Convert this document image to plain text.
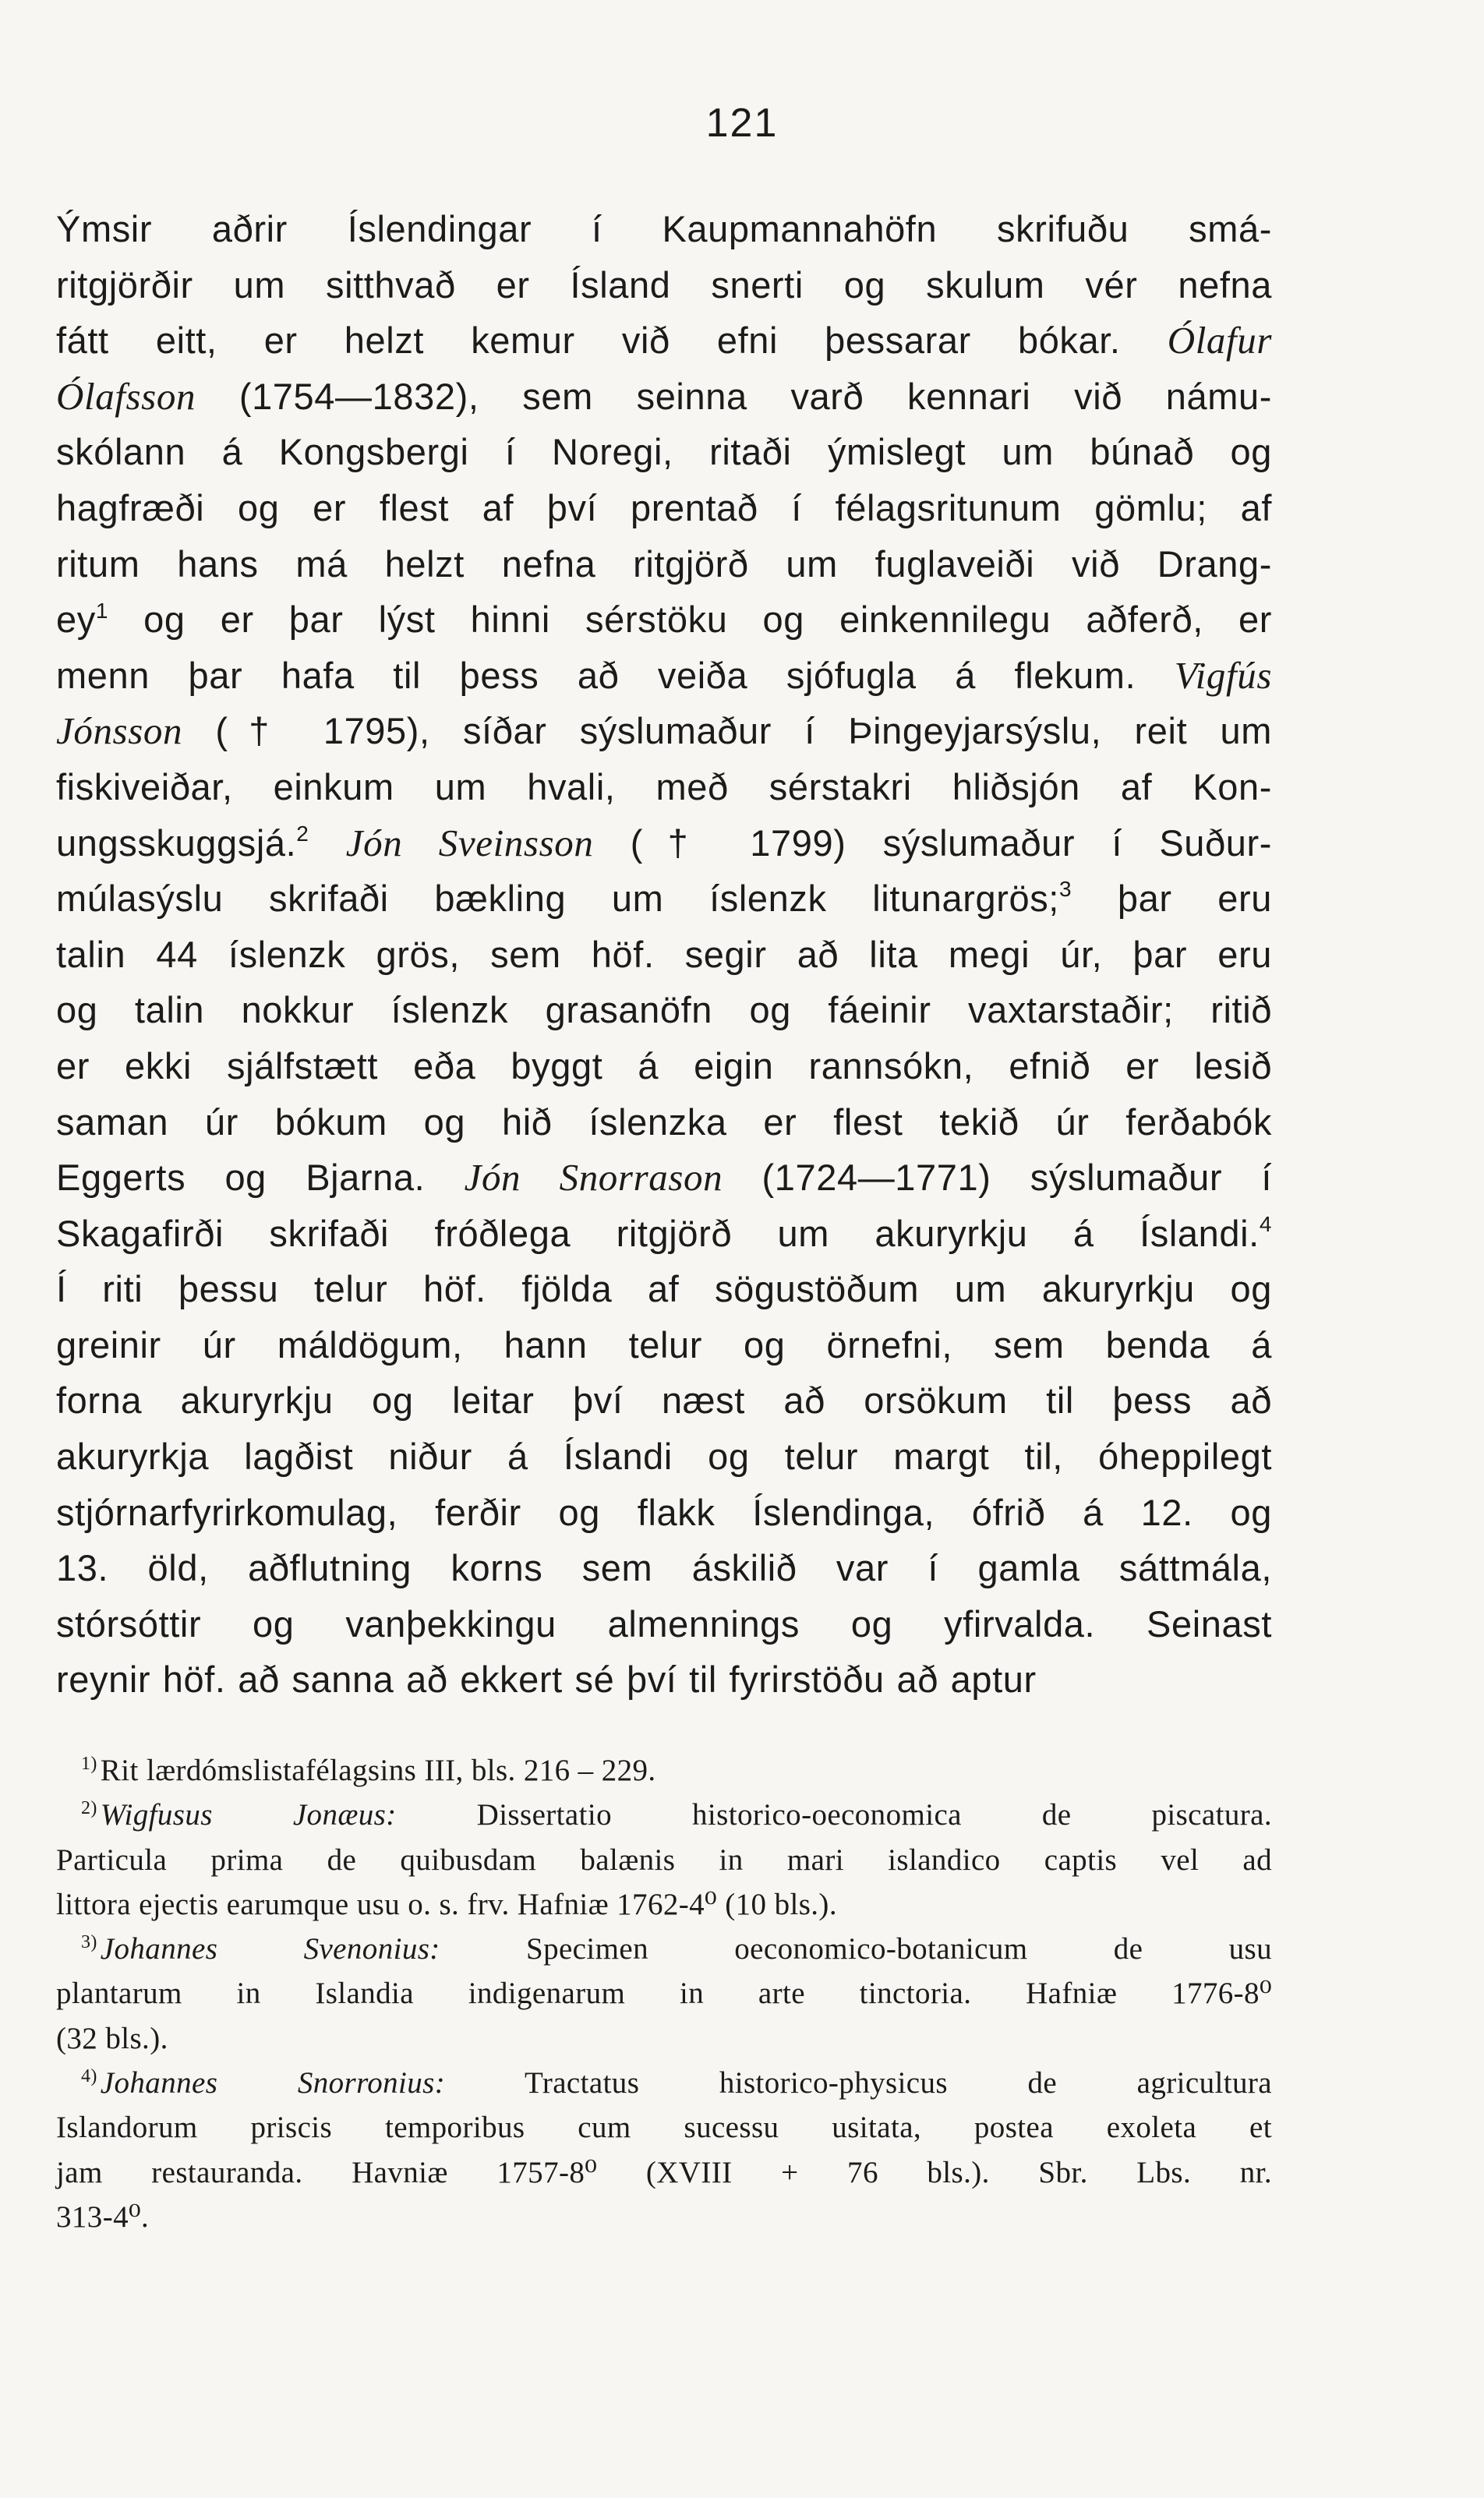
121
Ýmsir aðrir Íslendingar í Kaupmannahöfn skrifuðu smá-
ritgjörðir um sitthvað er Ísland snerti og skulum vér nefna
fátt eitt, er helzt kemur við efni þessarar bókar. Ólafur
Ólafsson (1754—1832), sem seinna varð kennari við námu-
skólann á Kongsbergi í Noregi, ritaði ýmislegt um búnað og
hagfræði og er flest af því prentað í félagsritunum gömlu; af
ritum hans má helzt nefna ritgjörð um fuglaveiði við Drang-
$ey^1$ og er þar lýst hinni sérstöku og einkennilegu aðferð, er
menn þar hafa til þess að veiða sjófugla á flekum. Vigfús
Jónsson († 1795), síðar sýslumaður í Þingeyjarsýslu, reit um
fiskiveiðar, einkum um hvali, með sérstakri hliðsjón af Kon-
ungsskuggsjá.$^2$ Jón Sveinsson († 1799) sýslumaður í Suður-
múlasýslu skrifaði bækling um íslenzk litunargrös;$^3$ þar eru
talin 44 íslenzk grös, sem höf. segir að lita megi úr, þar eru
og talin nokkur íslenzk grasanöfn og fáeinir vaxtarstaðir; ritið
er ekki sjálfstætt eða byggt á eigin rannsókn, efnið er lesið
saman úr bókum og hið íslenzka er flest tekið úr ferðabók
Eggerts og Bjarna. Jón Snorrason (1724—1771) sýslumaður í
Skagafirði skrifaði fróðlega ritgjörð um akuryrkju á Íslandi.$^4$
Í riti þessu telur höf. fjölda af sögustöðum um akuryrkju og
greinir úr máldögum, hann telur og örnefni, sem benda á
forna akuryrkju og leitar því næst að orsökum til þess að
akuryrkja lagðist niður á Íslandi og telur margt til, óheppilegt
stjórnarfyrirkomulag, ferðir og flakk Íslendinga, ófrið á 12. og
13. öld, aðflutning korns sem áskilið var í gamla sáttmála,
stórsóttir og vanþekkingu almennings og yfirvalda. Seinast
reynir höf. að sanna að ekkert sé því til fyrirstöðu að aptur
$^{1)}$ Rit lærdómslistafélagsins III, bls. 216 – 229.
$^{2)}$ Wigfusus Jonæus: Dissertatio historico-oeconomica de piscatura.
Particula prima de quibusdam balænis in mari islandico captis vel ad
littora ejectis earumque usu o. s. frv. Hafniæ 1762-4⁰ (10 bls.).
$^{3)}$ Johannes Svenonius: Specimen oeconomico-botanicum de usu
plantarum in Islandia indigenarum in arte tinctoria. Hafniæ 1776-8⁰
(32 bls.).
$^{4)}$ Johannes Snorronius: Tractatus historico-physicus de agricultura
Islandorum priscis temporibus cum sucessu usitata, postea exoleta et
jam restauranda. Havniæ 1757-8⁰ (XVIII + 76 bls.). Sbr. Lbs. nr.
313-4⁰.
